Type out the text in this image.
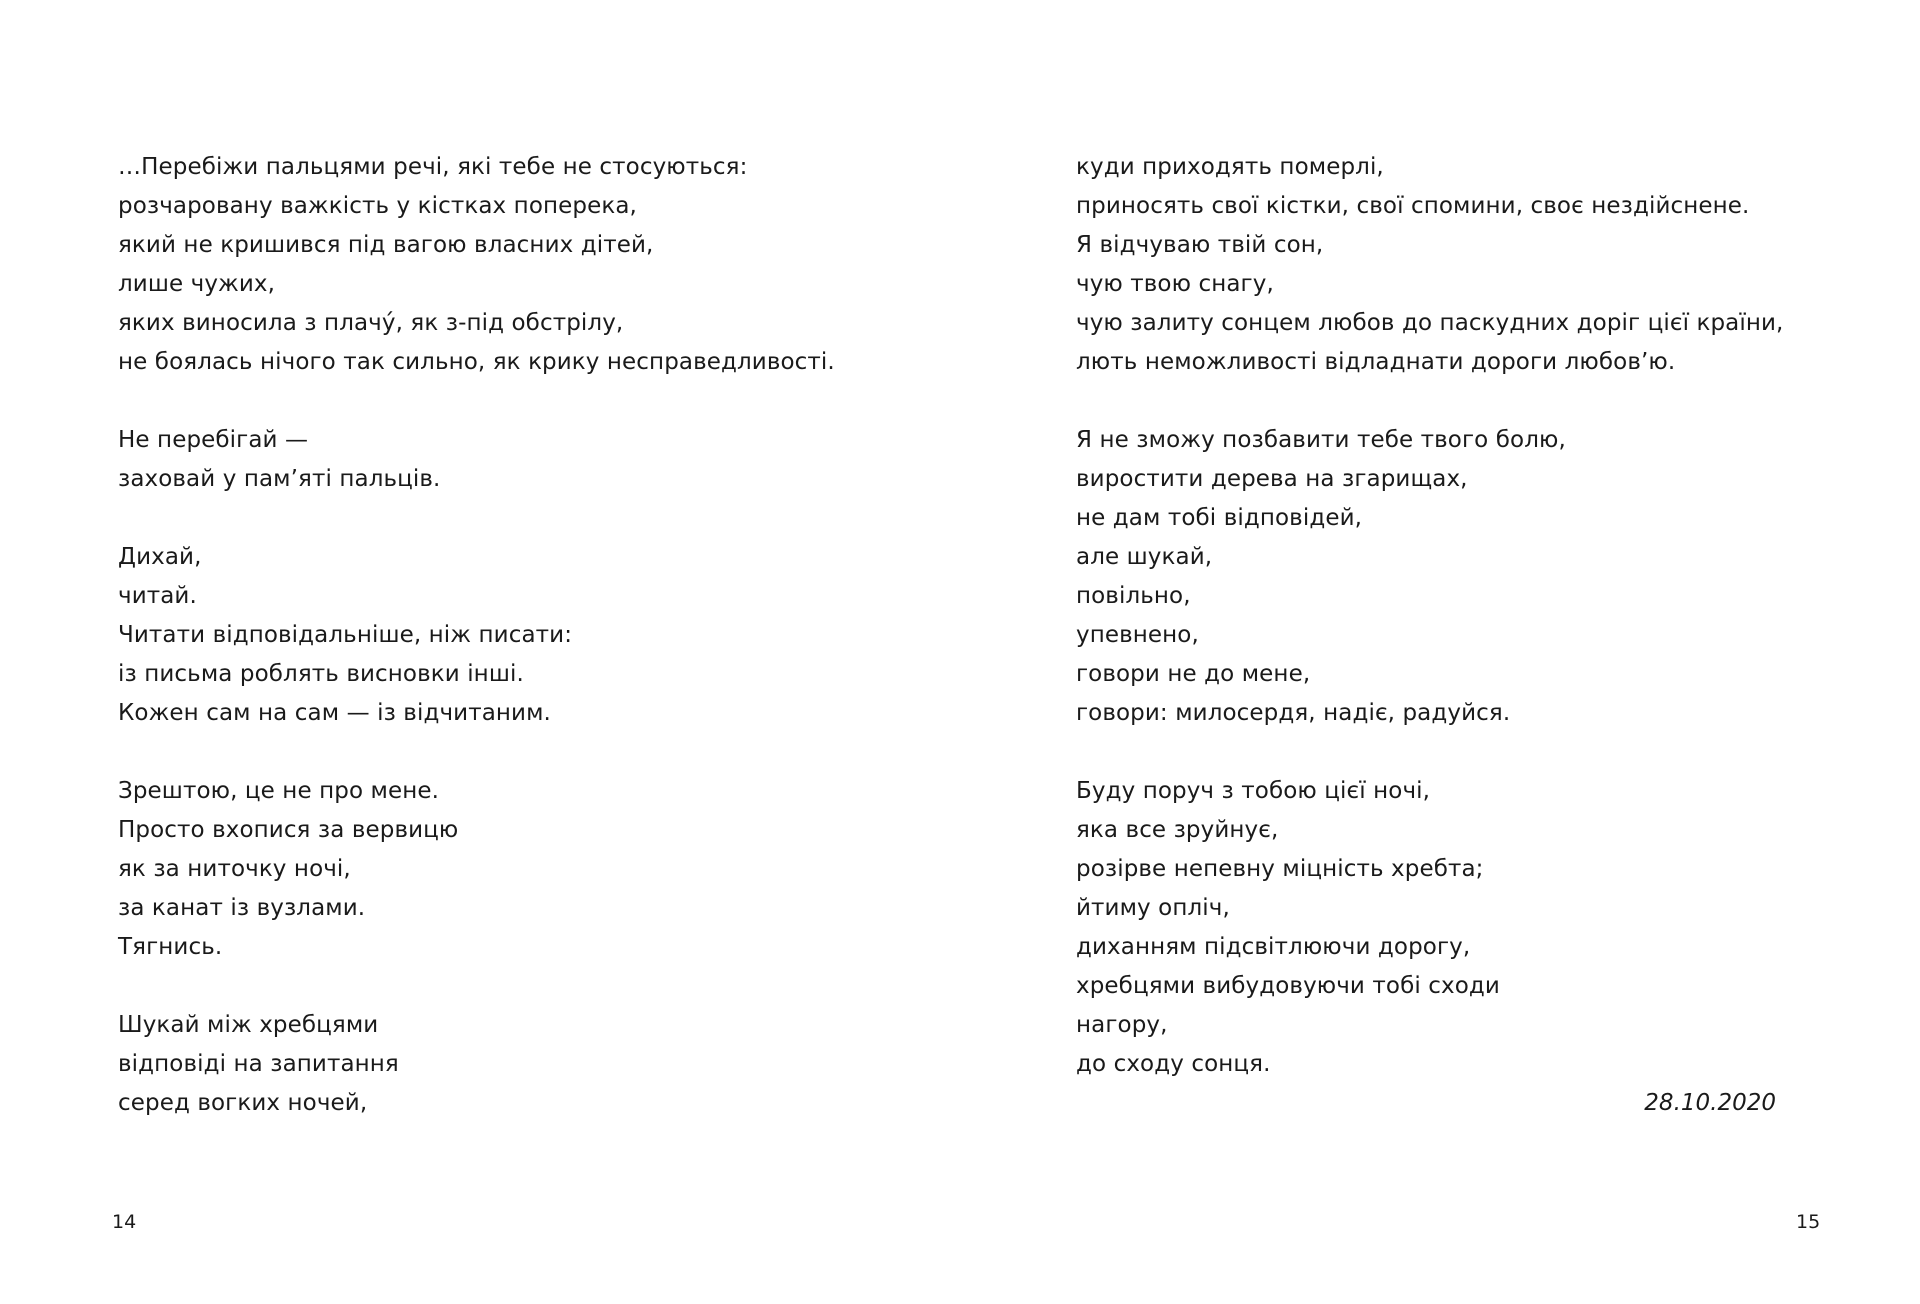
…Перебіжи пальцями речі, які тебе не стосуються:
розчаровану важкість у кістках поперека,
який не кришився під вагою власних дітей,
лише чужих,
яких виносила з плачу́, як з-під обстрілу,
не боялась нічого так сильно, як крику несправедливості.

Не перебігай —
заховай у пам’яті пальців.

Дихай,
читай.
Читати відповідальніше, ніж писати:
із письма роблять висновки інші.
Кожен сам на сам — із відчитаним.

Зрештою, це не про мене.
Просто вхопися за вервицю
як за ниточку ночі,
за канат із вузлами.
Тягнись.

Шукай між хребцями
відповіді на запитання
серед вогких ночей,

куди приходять померлі,
приносять свої кістки, свої спомини, своє нездійснене.
Я відчуваю твій сон,
чую твою снагу,
чую залиту сонцем любов до паскудних доріг цієї країни,
лють неможливості відладнати дороги любов’ю.

Я не зможу позбавити тебе твого болю,
виростити дерева на згарищах,
не дам тобі відповідей,
але шукай,
повільно,
упевнено,
говори не до мене,
говори: милосердя, надіє, радуйся.

Буду поруч з тобою цієї ночі,
яка все зруйнує,
розірве непевну міцність хребта;
йтиму опліч,
диханням підсвітлюючи дорогу,
хребцями вибудовуючи тобі сходи
нагору,
до сходу сонця.

28.10.2020
14	15
